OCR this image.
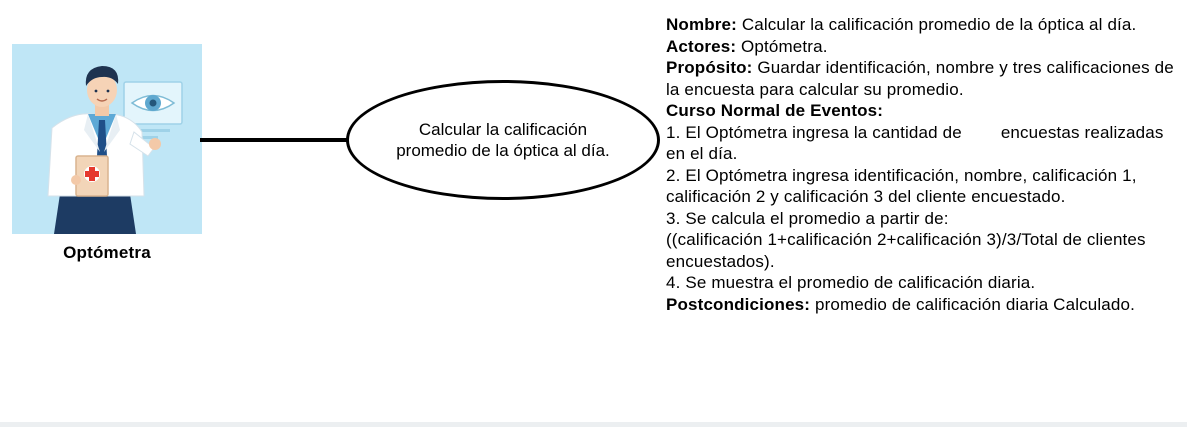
Optómetra
Calcular la calificación promedio de la óptica al día.

Nombre: Calcular la calificación promedio de la óptica al día.

Actores: Optómetra.

Propósito: Guardar identificación, nombre y tres calificaciones de la encuesta para calcular su promedio.

Curso Normal de Eventos:

1. El Optómetra ingresa la cantidad de encuestas realizadas en el día.

2. El Optómetra ingresa identificación, nombre, calificación 1, calificación 2 y calificación 3 del cliente encuestado.

3. Se calcula el promedio a partir de:

((calificación 1+calificación 2+calificación 3)/3/Total de clientes encuestados).

4. Se muestra el promedio de calificación diaria.

Postcondiciones: promedio de calificación diaria Calculado.
